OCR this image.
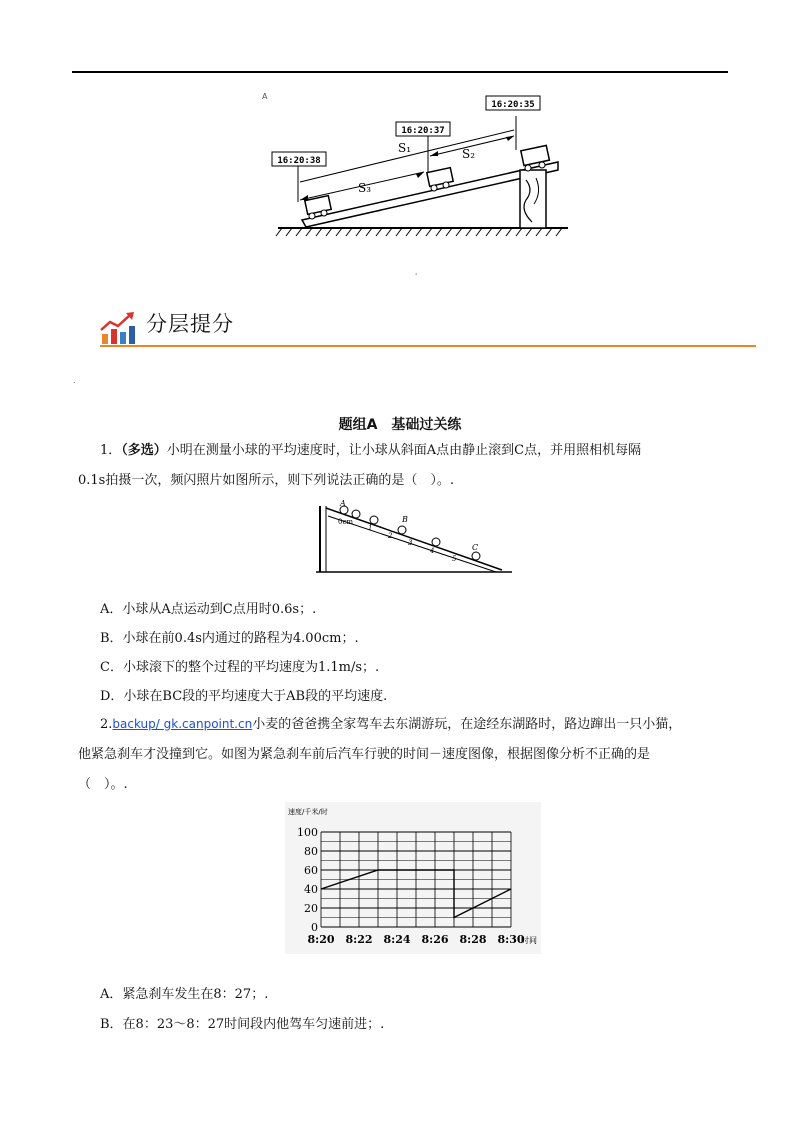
A
16:20:38
16:20:37
16:20:35
S₃
S₂
S₁
'
分层提分
.
题组A　基础过关练
1．（多选）小明在测量小球的平均速度时，让小球从斜面A点由静止滚到C点，并用照相机每隔
0.1s拍摄一次，频闪照片如图所示，则下列说法正确的是（　）。.
A
B
C
0cm
1
2
3
4
5
A．小球从A点运动到C点用时0.6s；.
B．小球在前0.4s内通过的路程为4.00cm；.
C．小球滚下的整个过程的平均速度为1.1m/s；.
D．小球在BC段的平均速度大于AB段的平均速度.
2.backup/ gk.canpoint.cn小麦的爸爸携全家驾车去东湖游玩，在途经东湖路时，路边蹿出一只小猫，
他紧急刹车才没撞到它。如图为紧急刹车前后汽车行驶的时间－速度图像，根据图像分析不正确的是
（　）。.
速度/千米/时
0
20
40
60
80
100
8:20 8:22 8:24 8:26 8:28 8:30
时间
A．紧急刹车发生在8：27；.
B．在8：23～8：27时间段内他驾车匀速前进；.
